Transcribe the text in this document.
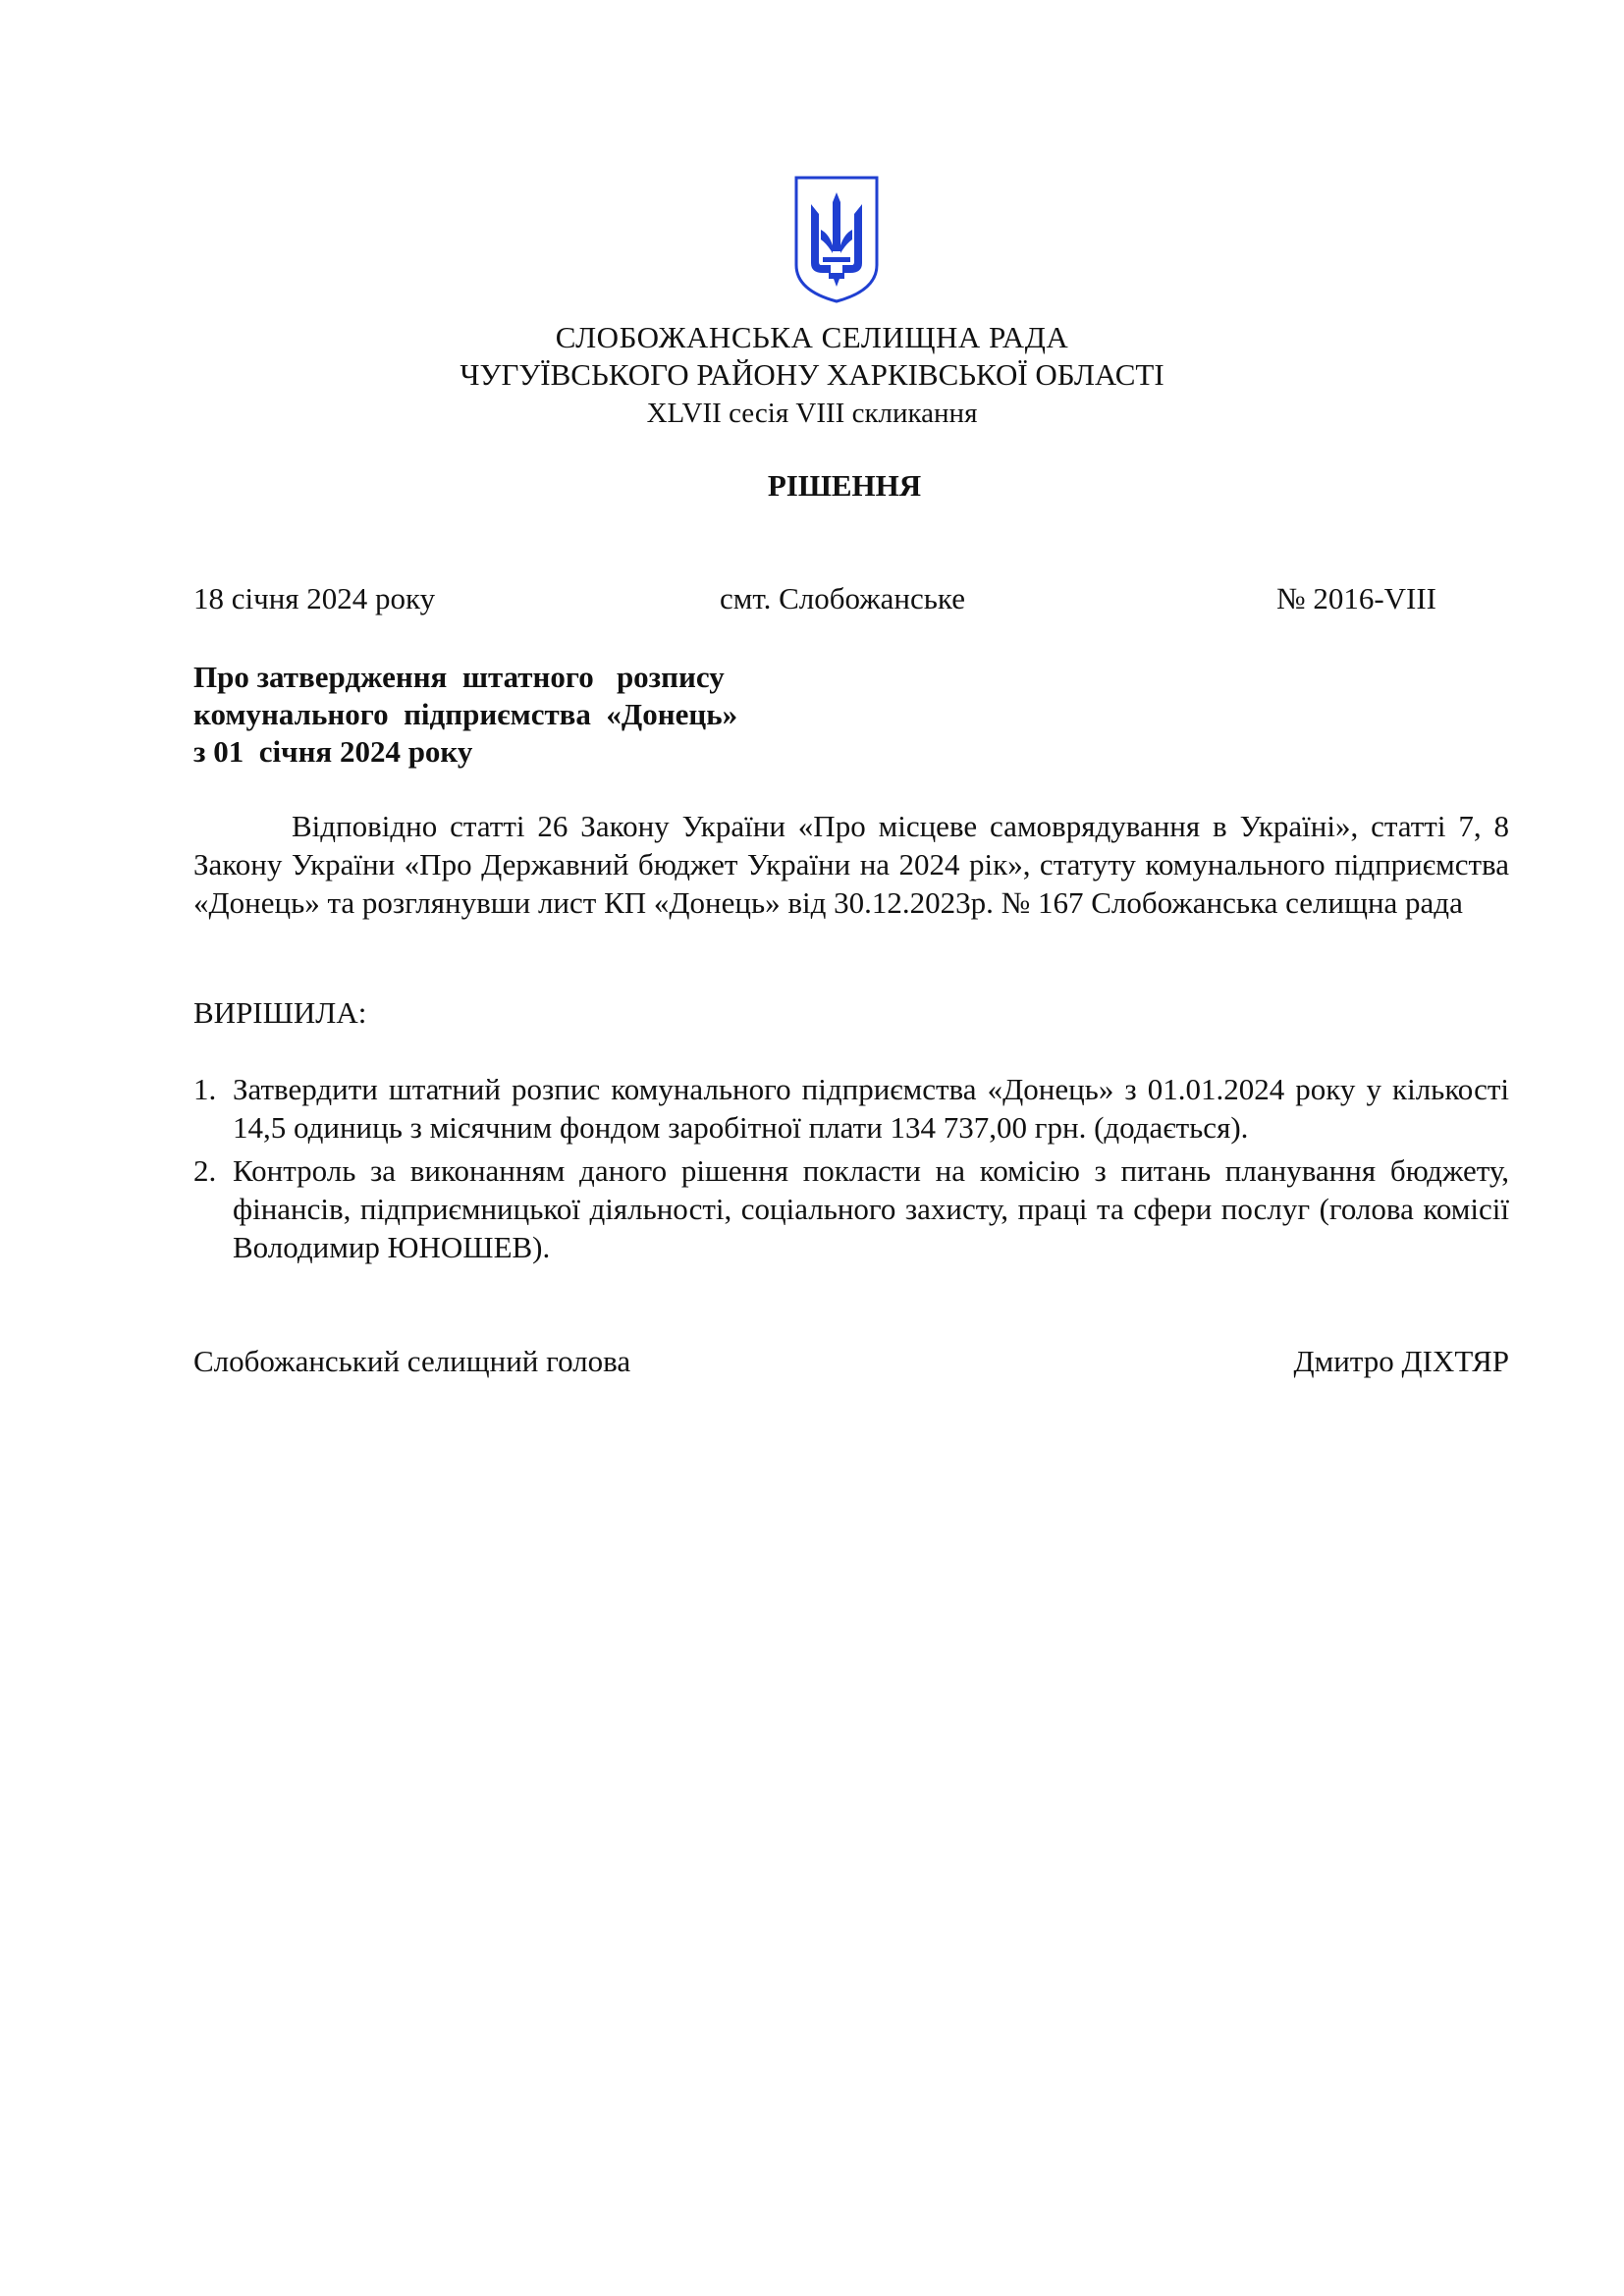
СЛОБОЖАНСЬКА СЕЛИЩНА РАДА
ЧУГУЇВСЬКОГО РАЙОНУ ХАРКІВСЬКОЇ ОБЛАСТІ
XLVII сесія VIII скликання
РІШЕННЯ
18 січня 2024 року	смт. Слобожанське	№ 2016-VIII
Про затвердження  штатного   розпису
комунального  підприємства  «Донець»
з 01  січня 2024 року

Відповідно статті 26 Закону України «Про місцеве самоврядування в Україні», статті 7, 8 Закону України «Про Державний бюджет України на 2024 рік», статуту комунального підприємства «Донець» та розглянувши лист КП «Донець» від 30.12.2023р. № 167 Слобожанська селищна рада

ВИРІШИЛА:
1. Затвердити штатний розпис комунального підприємства «Донець» з 01.01.2024 року у кількості 14,5 одиниць з місячним фондом заробітної плати 134 737,00 грн. (додається).
2. Контроль за виконанням даного рішення покласти на комісію з питань планування бюджету, фінансів, підприємницької діяльності, соціального захисту, праці та сфери послуг (голова комісії Володимир ЮНОШЕВ).
Слобожанський селищний голова	Дмитро ДІХТЯР
